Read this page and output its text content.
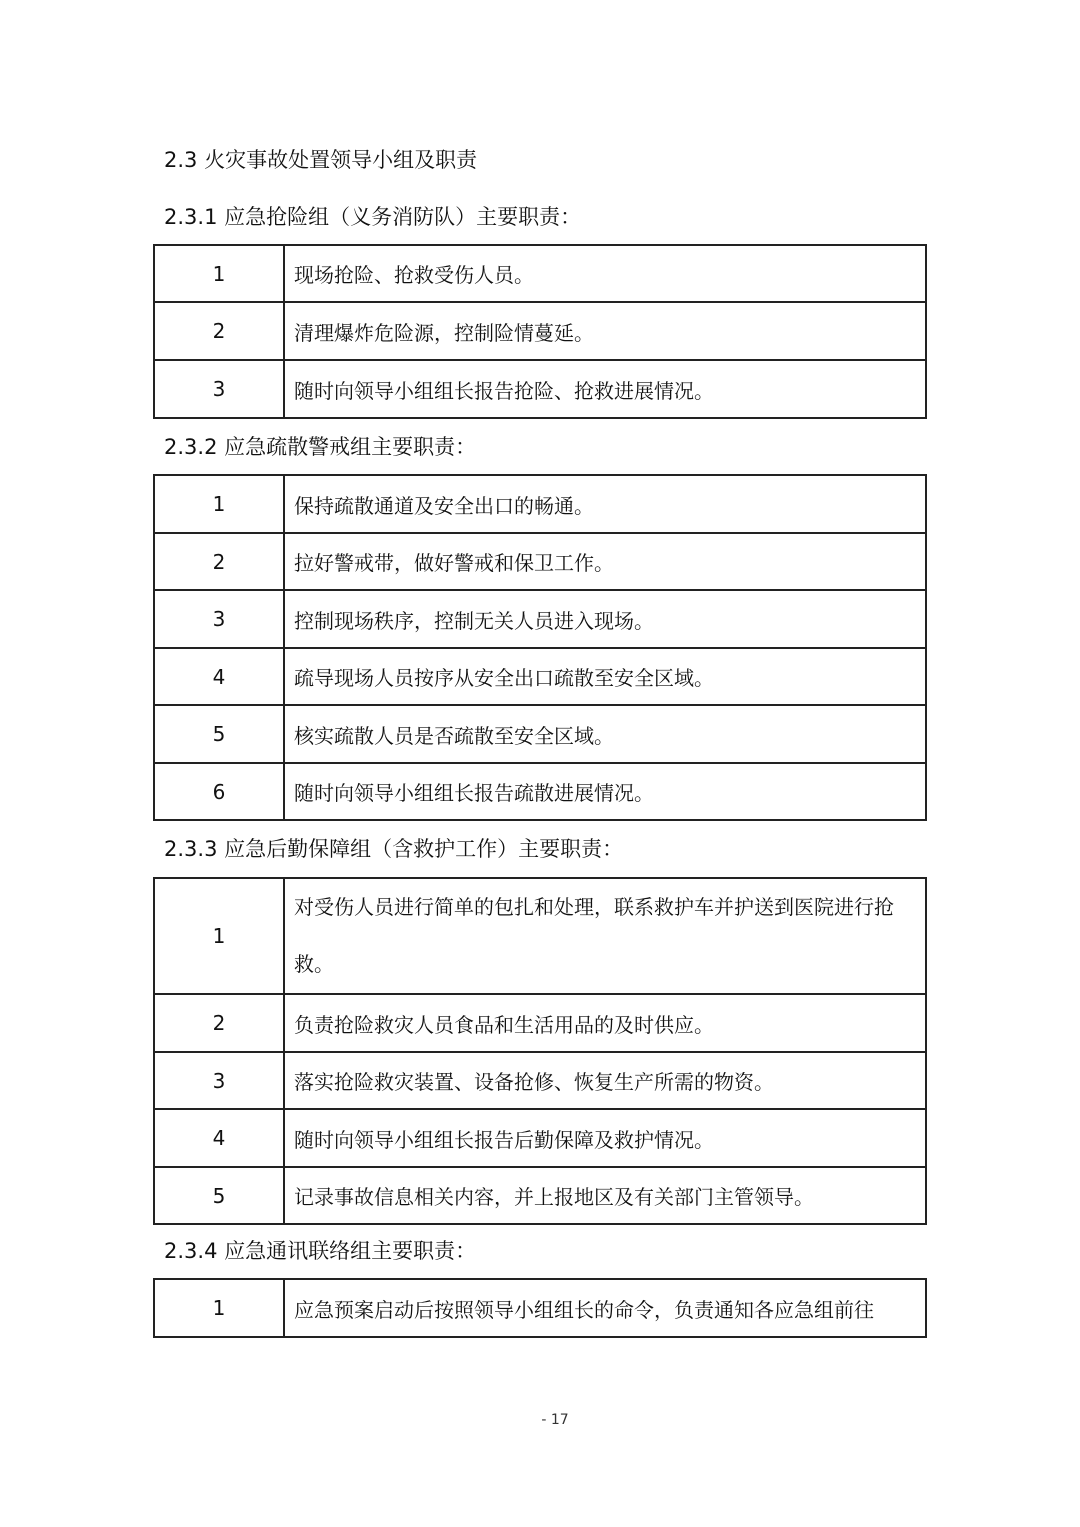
2.3 火灾事故处置领导小组及职责
2.3.1 应急抢险组（义务消防队）主要职责：
1	现场抢险、抢救受伤人员。
2	清理爆炸危险源，控制险情蔓延。
3	随时向领导小组组长报告抢险、抢救进展情况。
2.3.2 应急疏散警戒组主要职责：
1	保持疏散通道及安全出口的畅通。
2	拉好警戒带，做好警戒和保卫工作。
3	控制现场秩序，控制无关人员进入现场。
4	疏导现场人员按序从安全出口疏散至安全区域。
5	核实疏散人员是否疏散至安全区域。
6	随时向领导小组组长报告疏散进展情况。
2.3.3 应急后勤保障组（含救护工作）主要职责：
1	对受伤人员进行简单的包扎和处理，联系救护车并护送到医院进行抢救。
2	负责抢险救灾人员食品和生活用品的及时供应。
3	落实抢险救灾装置、设备抢修、恢复生产所需的物资。
4	随时向领导小组组长报告后勤保障及救护情况。
5	记录事故信息相关内容，并上报地区及有关部门主管领导。
2.3.4 应急通讯联络组主要职责：
1	应急预案启动后按照领导小组组长的命令，负责通知各应急组前往
- 17
